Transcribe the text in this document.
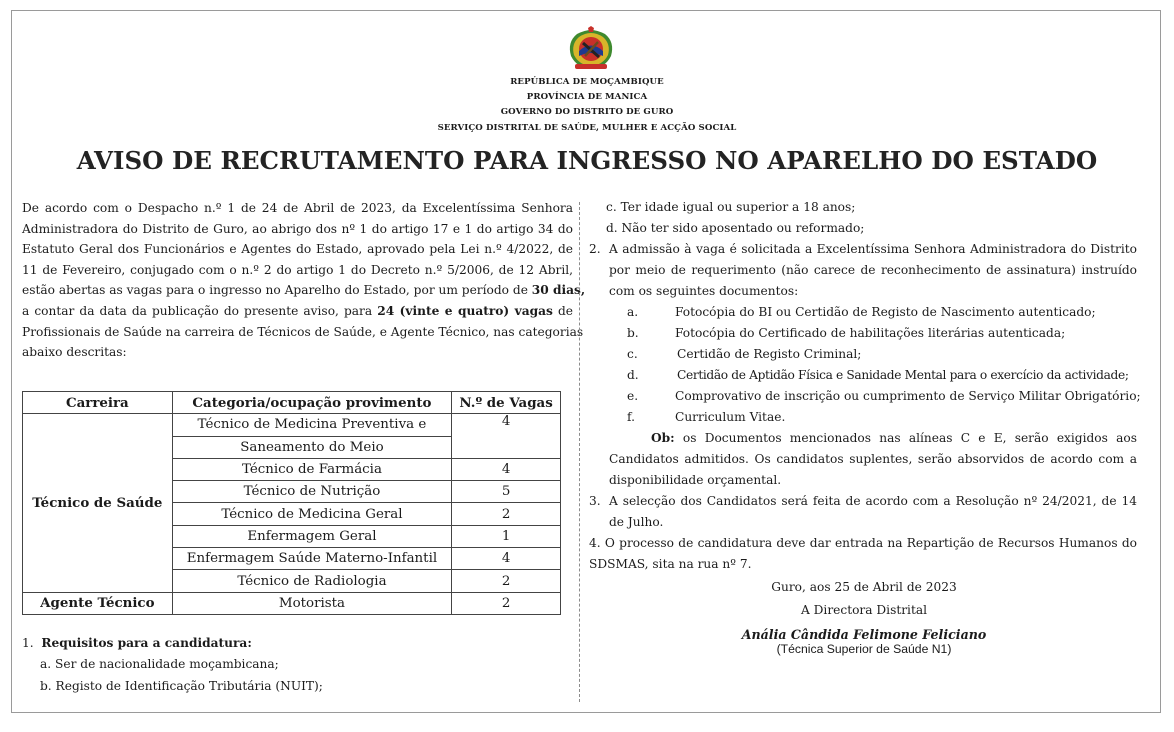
REPÚBLICA DE MOÇAMBIQUE
PROVÍNCIA DE MANICA
GOVERNO DO DISTRITO DE GURO
SERVIÇO DISTRITAL DE SAÚDE, MULHER E ACÇÃO SOCIAL
AVISO DE RECRUTAMENTO PARA INGRESSO NO APARELHO DO ESTADO
De acordo com o Despacho n.º 1 de 24 de Abril de 2023, da Excelentíssima Senhora
Administradora do Distrito de Guro, ao abrigo dos nº 1 do artigo 17 e 1 do artigo 34 do
Estatuto Geral dos Funcionários e Agentes do Estado, aprovado pela Lei n.º 4/2022, de
11 de Fevereiro, conjugado com o n.º 2 do artigo 1 do Decreto n.º 5/2006, de 12 Abril,
estão abertas as vagas para o ingresso no Aparelho do Estado, por um período de 30 dias,
a contar da data da publicação do presente aviso, para 24 (vinte e quatro) vagas de
Profissionais de Saúde na carreira de Técnicos de Saúde, e Agente Técnico, nas categorias
abaixo descritas:
Carreira	Categoria/ocupação provimento	N.º de Vagas
Técnico de Saúde	Técnico de Medicina Preventiva e	4
	Saneamento do Meio	
	Técnico de Farmácia	4
	Técnico de Nutrição	5
	Técnico de Medicina Geral	2
	Enfermagem Geral	1
	Enfermagem Saúde Materno-Infantil	4
	Técnico de Radiologia	2
Agente Técnico	Motorista	2
1. Requisitos para a candidatura:
a. Ser de nacionalidade moçambicana;
b. Registo de Identificação Tributária (NUIT);
c. Ter idade igual ou superior a 18 anos;
d. Não ter sido aposentado ou reformado;
2. A admissão à vaga é solicitada a Excelentíssima Senhora Administradora do Distrito
por meio de requerimento (não carece de reconhecimento de assinatura) instruído
com os seguintes documentos:
a.	Fotocópia do BI ou Certidão de Registo de Nascimento autenticado;
b.	Fotocópia do Certificado de habilitações literárias autenticada;
c.	Certidão de Registo Criminal;
d.	Certidão de Aptidão Física e Sanidade Mental para o exercício da actividade;
e.	Comprovativo de inscrição ou cumprimento de Serviço Militar Obrigatório;
f.	Curriculum Vitae.
Ob: os Documentos mencionados nas alíneas C e E, serão exigidos aos
Candidatos admitidos. Os candidatos suplentes, serão absorvidos de acordo com a
disponibilidade orçamental.
3. A selecção dos Candidatos será feita de acordo com a Resolução nº 24/2021, de 14
de Julho.
4. O processo de candidatura deve dar entrada na Repartição de Recursos Humanos do
SDSMAS, sita na rua nº 7.
Guro, aos 25 de Abril de 2023
A Directora Distrital
Anália Cândida Felimone Feliciano
(Técnica Superior de Saúde N1)
